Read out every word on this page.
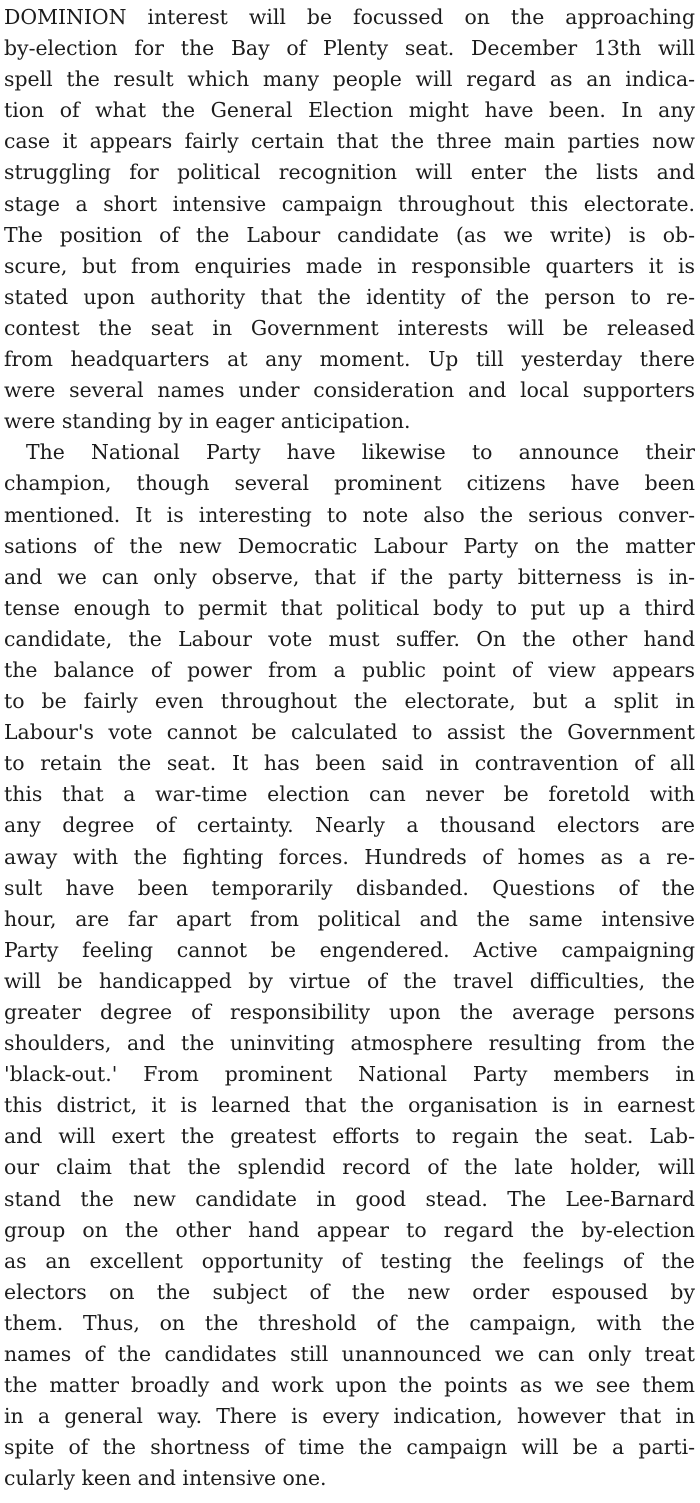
DOMINION interest will be focussed on the approaching
by-election for the Bay of Plenty seat. December 13th will
spell the result which many people will regard as an indica-
tion of what the General Election might have been. In any
case it appears fairly certain that the three main parties now
struggling for political recognition will enter the lists and
stage a short intensive campaign throughout this electorate.
The position of the Labour candidate (as we write) is ob-
scure, but from enquiries made in responsible quarters it is
stated upon authority that the identity of the person to re-
contest the seat in Government interests will be released
from headquarters at any moment. Up till yesterday there
were several names under consideration and local supporters
were standing by in eager anticipation.
The National Party have likewise to announce their
champion, though several prominent citizens have been
mentioned. It is interesting to note also the serious conver-
sations of the new Democratic Labour Party on the matter
and we can only observe, that if the party bitterness is in-
tense enough to permit that political body to put up a third
candidate, the Labour vote must suffer. On the other hand
the balance of power from a public point of view appears
to be fairly even throughout the electorate, but a split in
Labour's vote cannot be calculated to assist the Government
to retain the seat. It has been said in contravention of all
this that a war-time election can never be foretold with
any degree of certainty. Nearly a thousand electors are
away with the fighting forces. Hundreds of homes as a re-
sult have been temporarily disbanded. Questions of the
hour, are far apart from political and the same intensive
Party feeling cannot be engendered. Active campaigning
will be handicapped by virtue of the travel difficulties, the
greater degree of responsibility upon the average persons
shoulders, and the uninviting atmosphere resulting from the
'black-out.' From prominent National Party members in
this district, it is learned that the organisation is in earnest
and will exert the greatest efforts to regain the seat. Lab-
our claim that the splendid record of the late holder, will
stand the new candidate in good stead. The Lee-Barnard
group on the other hand appear to regard the by-election
as an excellent opportunity of testing the feelings of the
electors on the subject of the new order espoused by
them. Thus, on the threshold of the campaign, with the
names of the candidates still unannounced we can only treat
the matter broadly and work upon the points as we see them
in a general way. There is every indication, however that in
spite of the shortness of time the campaign will be a parti-
cularly keen and intensive one.
